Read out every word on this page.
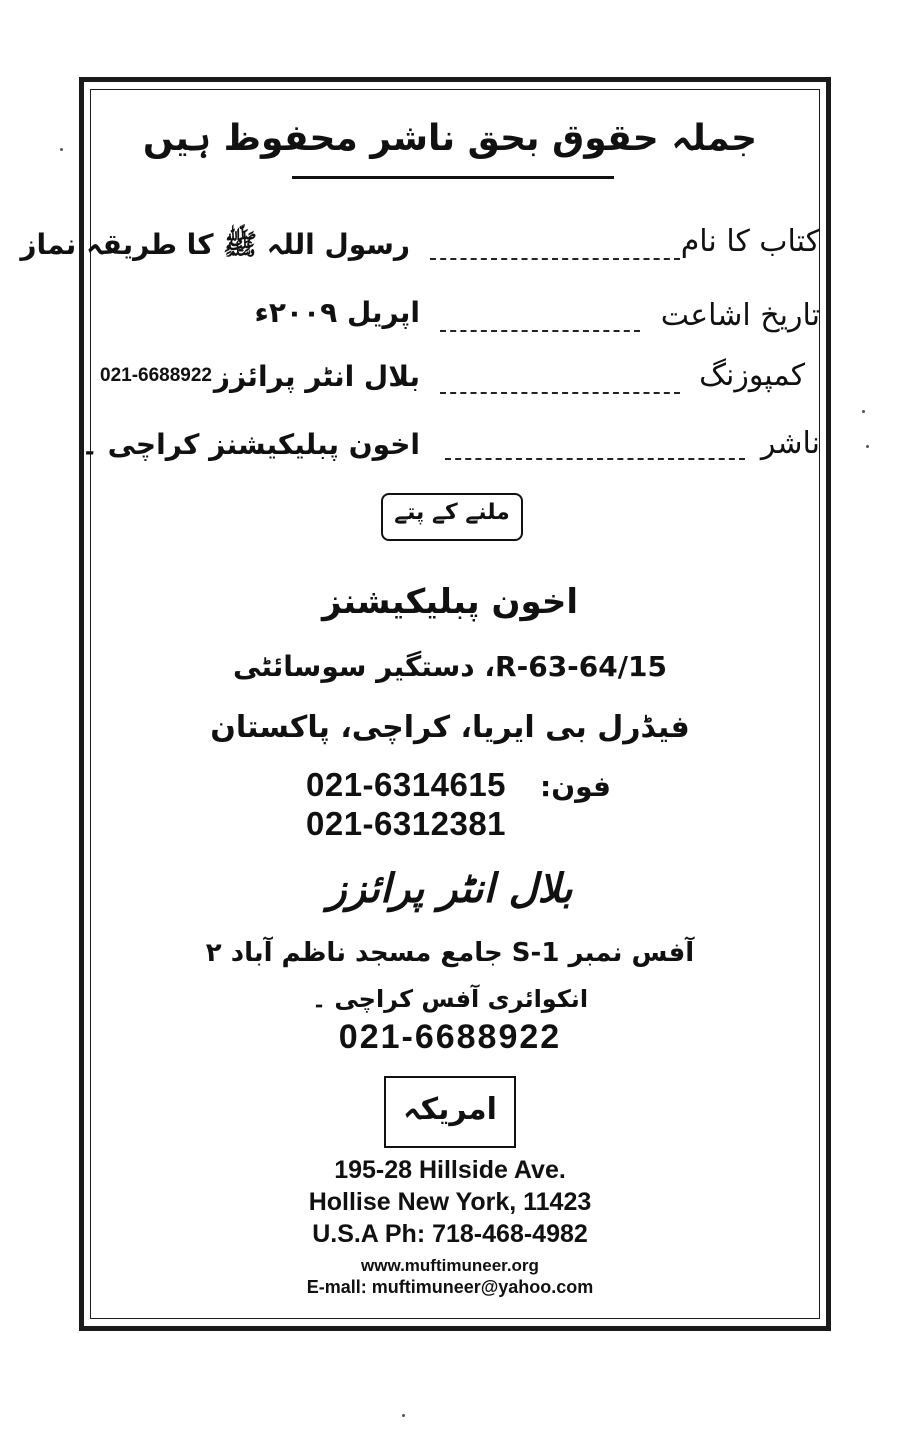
جملہ حقوق بحق ناشر محفوظ ہیں
کتاب کا نام
رسول اللہ ﷺ کا طریقہ نماز
تاریخ اشاعت
اپریل ۲۰۰۹ء
کمپوزنگ
بلال انٹر پرائزز
021-6688922
ناشر
اخون پبلیکیشنز کراچی ۔
ملنے کے پتے
اخون پبلیکیشنز
R-63-64/15، دستگیر سوسائٹی
فیڈرل بی ایریا، کراچی، پاکستان
فون:
021-6314615
021-6312381
بلال انٹر پرائزز
آفس نمبر S-1 جامع مسجد ناظم آباد ۲
انکوائری آفس کراچی ۔
021-6688922
امریکہ
195-28 Hillside Ave.
Hollise New York, 11423
U.S.A Ph: 718-468-4982
www.muftimuneer.org
E-mall: muftimuneer@yahoo.com
